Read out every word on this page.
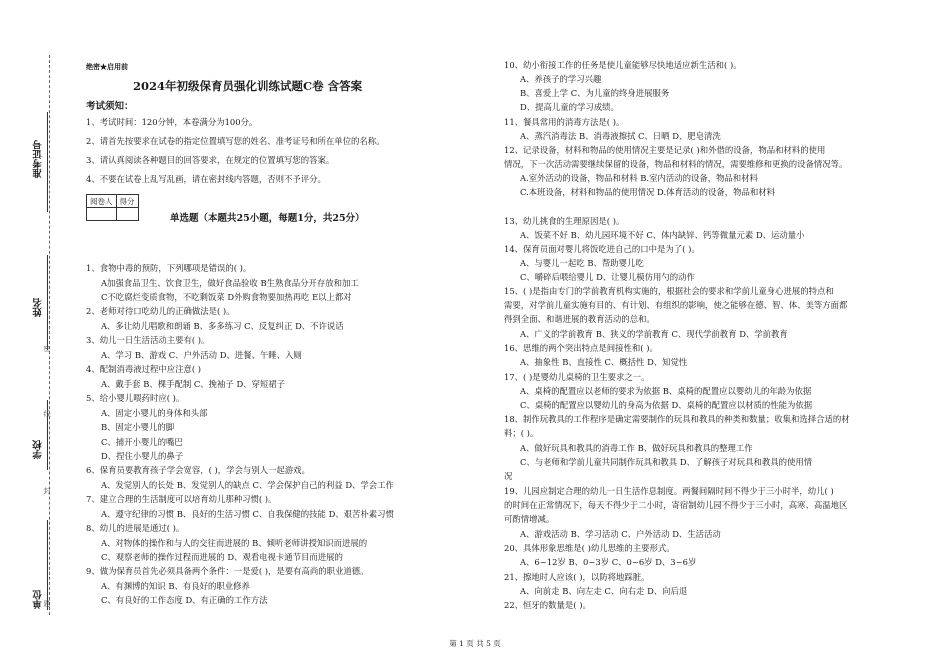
准考证号
姓名
学校
单位
密
封
线
题
绝密★启用前
2024年初级保育员强化训练试题C卷 含答案
考试须知：
1、考试时间：120分钟，本卷满分为100分。
2、请首先按要求在试卷的指定位置填写您的姓名、准考证号和所在单位的名称。
3、请认真阅读各种题目的回答要求，在规定的位置填写您的答案。
4、不要在试卷上乱写乱画，请在密封线内答题，否则不予评分。
阅卷人	得分

单选题（本题共25小题，每题1分，共25分）
1、食物中毒的预防，下列哪项是错误的( )。
A加强食品卫生、饮食卫生，做好食品验收 B生熟食品分开存放和加工
C不吃腐烂变质食物，不吃剩饭菜 D外购食物要加热再吃 E以上都对
2、老师对待口吃幼儿的正确做法是( )。
A、多让幼儿唱歌和朗诵 B、多多练习 C、反复纠正 D、不许说话
3、幼儿一日生活活动主要有( )。
A、学习 B、游戏 C、户外活动 D、进餐、午睡、入厕
4、配制消毒液过程中应注意( )
A、戴手套 B、棵手配制 C、挽袖子 D、穿短裙子
5、给小婴儿喂药时应( )。
A、固定小婴儿的身体和头部
B、固定小婴儿的脚
C、捕开小婴儿的嘴巴
D、捏住小婴儿的鼻子
6、保育员要教育孩子学会宽容，( )，学会与别人一起游戏。
A、发觉别人的长处 B、发觉别人的缺点 C、学会保护自己的利益 D、学会工作
7、建立合理的生活制度可以培育幼儿那种习惯( )。
A、遵守纪律的习惯 B、良好的生活习惯 C、自我保健的技能 D、艰苦朴素习惯
8、幼儿的进展是通过( )。
A、对物体的操作和与人的交往而进展的 B、倾听老师讲授知识而进展的
C、观察老师的操作过程而进展的 D、观看电视卡通节目而进展的
9、做为保育员首先必须具备两个条件：一是爱( )，是要有高尚的职业道德。
A、有渊博的知识 B、有良好的职业修养
C、有良好的工作态度 D、有正确的工作方法
10、幼小衔接工作的任务是使儿童能够尽快地适应新生活和( )。
A、养孩子的学习兴趣
B、喜爱上学 C、为儿童的终身进展服务
D、提高儿童的学习成绩。
11、餐具常用的消毒方法是( )。
A、蒸汽消毒法 B、消毒液擦拭 C、日晒 D、肥皂清洗
12、记录设备，材料和物品的使用情况主要是记录( )和外借的设备，物品和材料的使用
情况，下一次活动需要继续保留的设备，物品和材料的情况，需要维修和更换的设备情况等。
A.室外活动的设备，物品和材料 B.室内活动的设备，物品和材料
C.本班设备，材料和物品的使用情况 D.体育活动的设备，物品和材料
13、幼儿挑食的生理原因是( )。
A、饭菜不好 B、幼儿园环境不好 C、体内缺锌、钙等微量元素 D、运动量小
14、保育员面对婴儿将饭吃进自己的口中是为了( )。
A、与婴儿一起吃 B、帮助婴儿吃
C、嚼碎后喂给婴儿 D、让婴儿模仿用勺的动作
15、( )是指由专门的学前教育机构实施的，根据社会的要求和学前儿童身心进展的特点和
需要，对学前儿童实施有目的、有计划、有组织的影响，使之能够在德、智、体、美等方面都
得到全面、和谐进展的教育活动的总和。
A、广义的学前教育 B、狭义的学前教育 C、现代学前教育 D、学前教育
16、思维的两个突出特点是间接性和( )。
A、抽象性 B、直接性 C、概括性 D、知觉性
17、( )是婴幼儿桌椅的卫生要求之一。
A、桌椅的配置应以老师的要求为依据 B、桌椅的配置应以婴幼儿的年龄为依据
C、桌椅的配置应以婴幼儿的身高为依据 D、桌椅的配置应以材质的性能为依据
18、制作玩教具的工作程序是确定需要制作的玩具和教具的种类和数量；收集和选择合适的材
料；( )。
A、做好玩具和教具的消毒工作 B、做好玩具和教具的整理工作
C、与老师和学前儿童共同制作玩具和教具 D、了解孩子对玩具和教具的使用情
况
19、儿园应制定合理的幼儿一日生活作息制度。两餐间隔时间不得少于三小时半，幼儿( )
的时间在正常情况下，每天不得少于二小时，寄宿制幼儿园不得少于三小时，高寒、高温地区
可酌情增减。
A、游戏活动 B、学习活动 C、户外活动 D、生活活动
20、具体形象思维是( )幼儿思维的主要形式。
A、6~12岁 B、0~3岁 C、0~6岁 D、3~6岁
21、擦地时人应该( )，以防将地踩脏。
A、向前走 B、向左走 C、向右走 D、向后退
22、恒牙的数量是( )。
第 1 页 共 5 页
